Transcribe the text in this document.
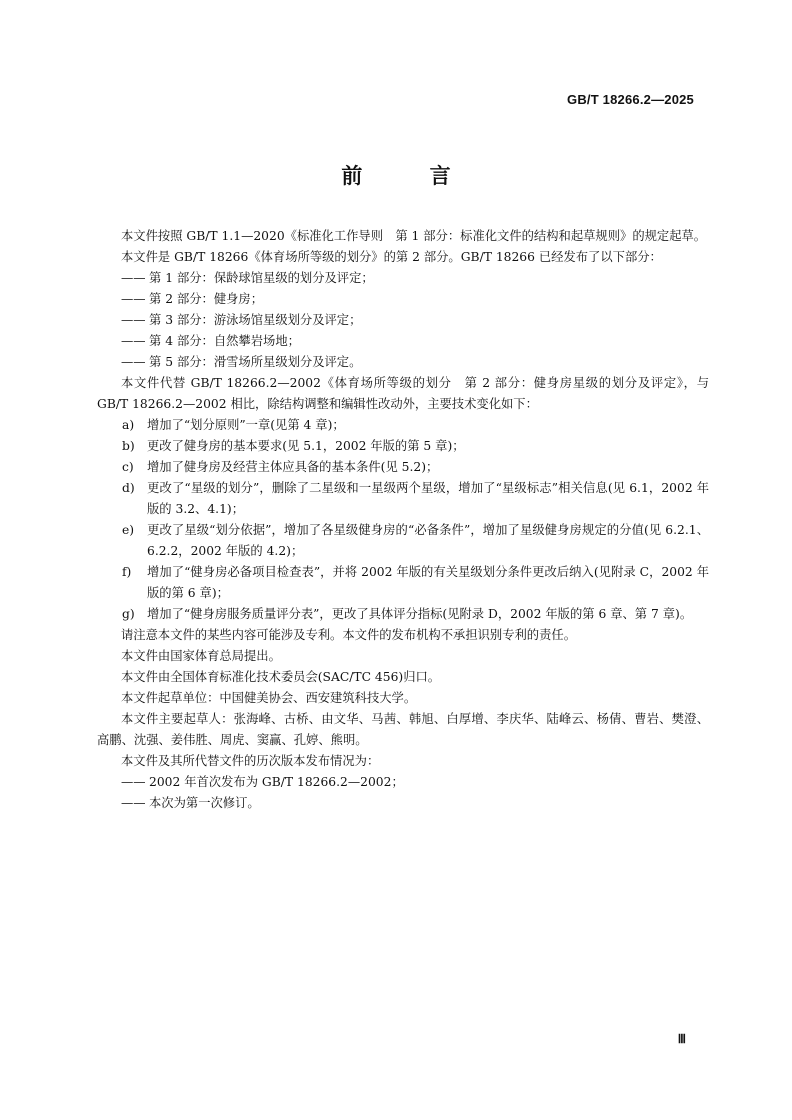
GB/T 18266.2—2025
前 言
本文件按照 GB/T 1.1—2020《标准化工作导则　第 1 部分：标准化文件的结构和起草规则》的规定起草。
本文件是 GB/T 18266《体育场所等级的划分》的第 2 部分。GB/T 18266 已经发布了以下部分：
—— 第 1 部分：保龄球馆星级的划分及评定；
—— 第 2 部分：健身房；
—— 第 3 部分：游泳场馆星级划分及评定；
—— 第 4 部分：自然攀岩场地；
—— 第 5 部分：滑雪场所星级划分及评定。
本文件代替 GB/T 18266.2—2002《体育场所等级的划分　第 2 部分：健身房星级的划分及评定》，与 GB/T 18266.2—2002 相比，除结构调整和编辑性改动外，主要技术变化如下：
a) 增加了“划分原则”一章(见第 4 章)；
b) 更改了健身房的基本要求(见 5.1，2002 年版的第 5 章)；
c) 增加了健身房及经营主体应具备的基本条件(见 5.2)；
d) 更改了“星级的划分”，删除了二星级和一星级两个星级，增加了“星级标志”相关信息(见 6.1，2002 年版的 3.2、4.1)；
e) 更改了星级“划分依据”，增加了各星级健身房的“必备条件”，增加了星级健身房规定的分值(见 6.2.1、6.2.2，2002 年版的 4.2)；
f) 增加了“健身房必备项目检查表”，并将 2002 年版的有关星级划分条件更改后纳入(见附录 C，2002 年版的第 6 章)；
g) 增加了“健身房服务质量评分表”，更改了具体评分指标(见附录 D，2002 年版的第 6 章、第 7 章)。
请注意本文件的某些内容可能涉及专利。本文件的发布机构不承担识别专利的责任。
本文件由国家体育总局提出。
本文件由全国体育标准化技术委员会(SAC/TC 456)归口。
本文件起草单位：中国健美协会、西安建筑科技大学。
本文件主要起草人：张海峰、古桥、由文华、马茜、韩旭、白厚增、李庆华、陆峰云、杨倩、曹岩、樊澄、高鹏、沈强、姜伟胜、周虎、窦赢、孔婷、熊明。
本文件及其所代替文件的历次版本发布情况为：
—— 2002 年首次发布为 GB/T 18266.2—2002；
—— 本次为第一次修订。
Ⅲ
